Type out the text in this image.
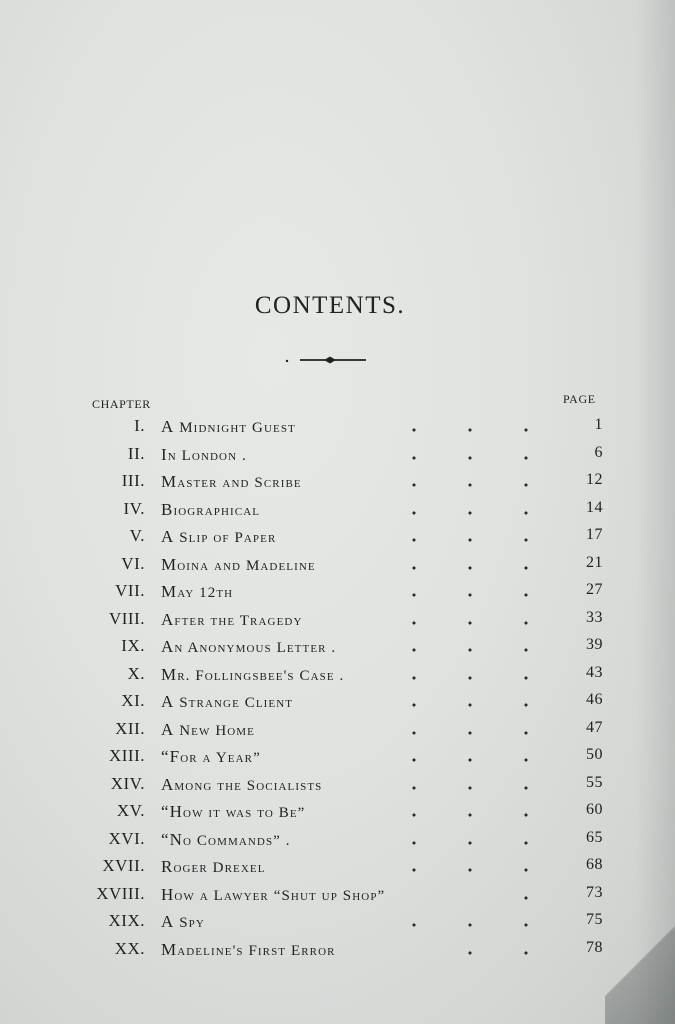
CONTENTS.
CHAPTER	PAGE
I. A Midnight Guest	1
II. In London .	6
III. Master and Scribe	12
IV. Biographical	14
V. A Slip of Paper	17
VI. Moina and Madeline	21
VII. May 12th	27
VIII. After the Tragedy	33
IX. An Anonymous Letter .	39
X. Mr. Follingsbee's Case .	43
XI. A Strange Client	46
XII. A New Home	47
XIII. “For a Year”	50
XIV. Among the Socialists	55
XV. “How it was to Be”	60
XVI. “No Commands” .	65
XVII. Roger Drexel	68
XVIII. How a Lawyer “Shut up Shop”	73
XIX. A Spy	75
XX. Madeline's First Error	78
